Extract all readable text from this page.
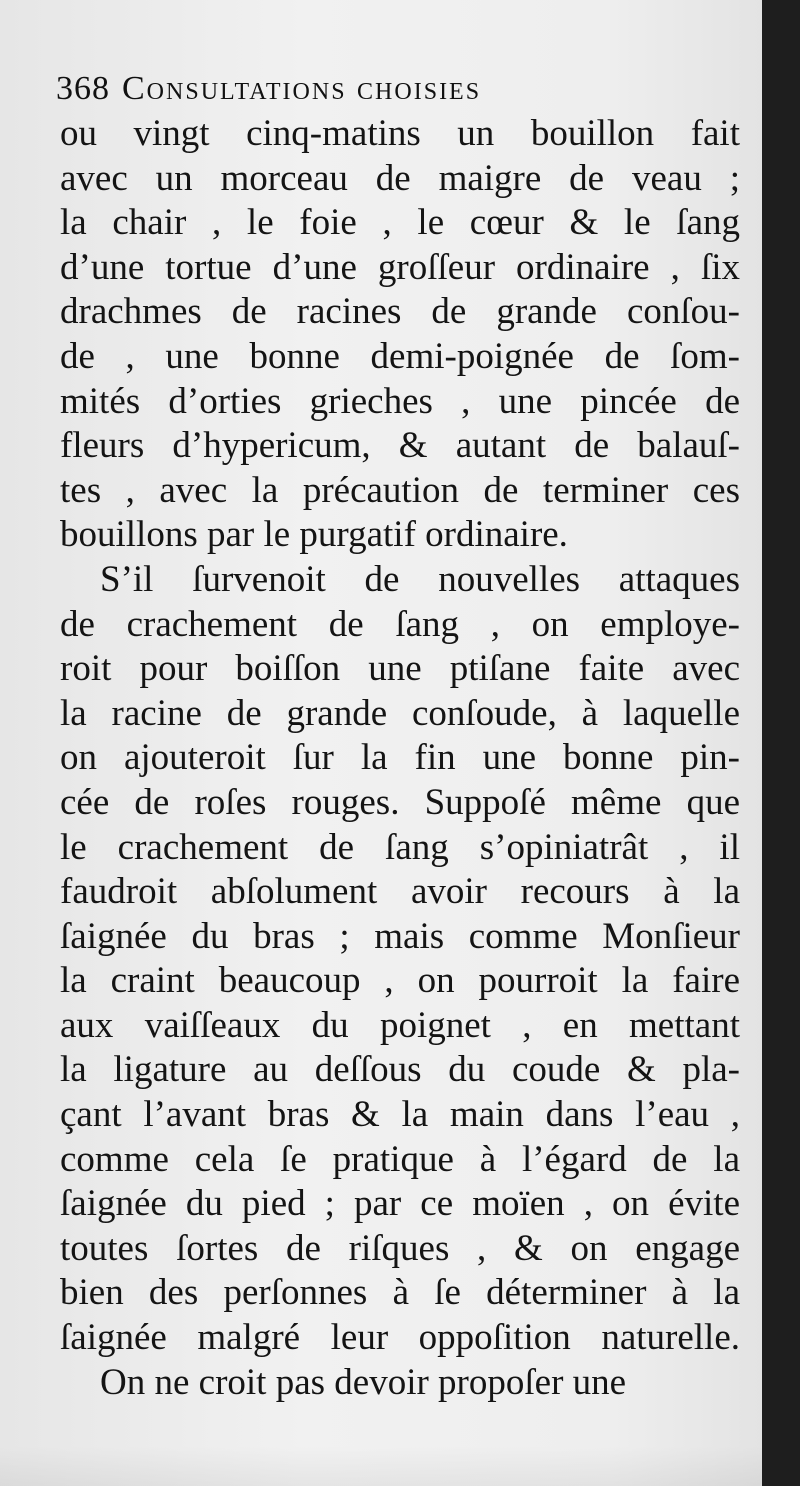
368 Consultations choisies
ou vingt cinq-matins un bouillon fait
avec un morceau de maigre de veau ;
la chair , le foie , le cœur & le ſang
d’une tortue d’une groſſeur ordinaire , ſix
drachmes de racines de grande conſou-
de , une bonne demi-poignée de ſom-
mités d’orties grieches , une pincée de
fleurs d’hypericum, & autant de balauſ-
tes , avec la précaution de terminer ces
bouillons par le purgatif ordinaire.
S’il ſurvenoit de nouvelles attaques
de crachement de ſang , on employe-
roit pour boiſſon une ptiſane faite avec
la racine de grande conſoude, à laquelle
on ajouteroit ſur la fin une bonne pin-
cée de roſes rouges. Suppoſé même que
le crachement de ſang s’opiniatrât , il
faudroit abſolument avoir recours à la
ſaignée du bras ; mais comme Monſieur
la craint beaucoup , on pourroit la faire
aux vaiſſeaux du poignet , en mettant
la ligature au deſſous du coude & pla-
çant l’avant bras & la main dans l’eau ,
comme cela ſe pratique à l’égard de la
ſaignée du pied ; par ce moïen , on évite
toutes ſortes de riſques , & on engage
bien des perſonnes à ſe déterminer à la
ſaignée malgré leur oppoſition naturelle.
On ne croit pas devoir propoſer une
